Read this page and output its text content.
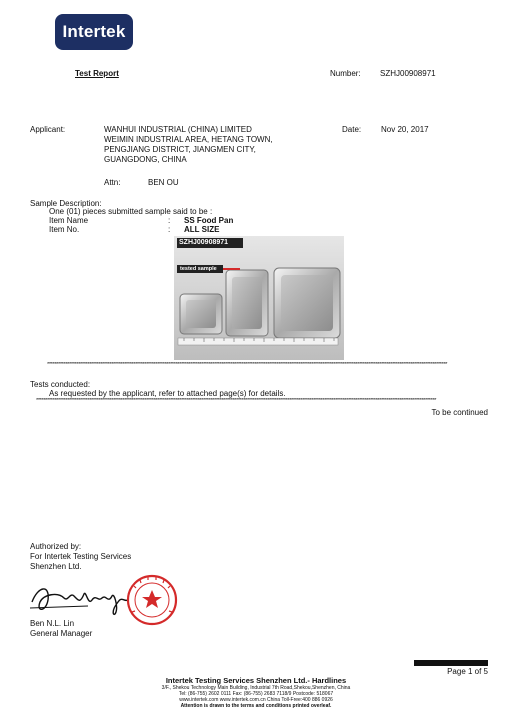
Intertek
Test Report	Number: SZHJ00908971
Applicant:	WANHUI INDUSTRIAL (CHINA) LIMITED
WEIMIN INDUSTRIAL AREA, HETANG TOWN,
PENGJIANG DISTRICT, JIANGMEN CITY,
GUANGDONG, CHINA
Date: Nov 20, 2017
Attn:	BEN OU
Sample Description:
One (01) pieces submitted sample said to be :
Item Name	: SS Food Pan
Item No.	: ALL SIZE
SZHJ00908971
tested sample
**************************************************************************************************************************************************************************************************************************
Tests conducted:
As requested by the applicant, refer to attached page(s) for details.
**************************************************************************************************************************************************************************************************************************
To be continued
Authorized by:
For Intertek Testing Services
Shenzhen Ltd.
Ben N.L. Lin
General Manager
Page 1 of 5
Intertek Testing Services Shenzhen Ltd.- Hardlines
3/F., Shekou Technology Main Building, Industrial 7th Road,Shekou,Shenzhen, China
Tel: (86-755) 2602 0111 Fax: (86-755) 2683 7118/9 Postcode: 518067
www.intertek.com www.intertek.com.cn China Toll-Free:400 886 0926
Attention is drawn to the terms and conditions printed overleaf.
